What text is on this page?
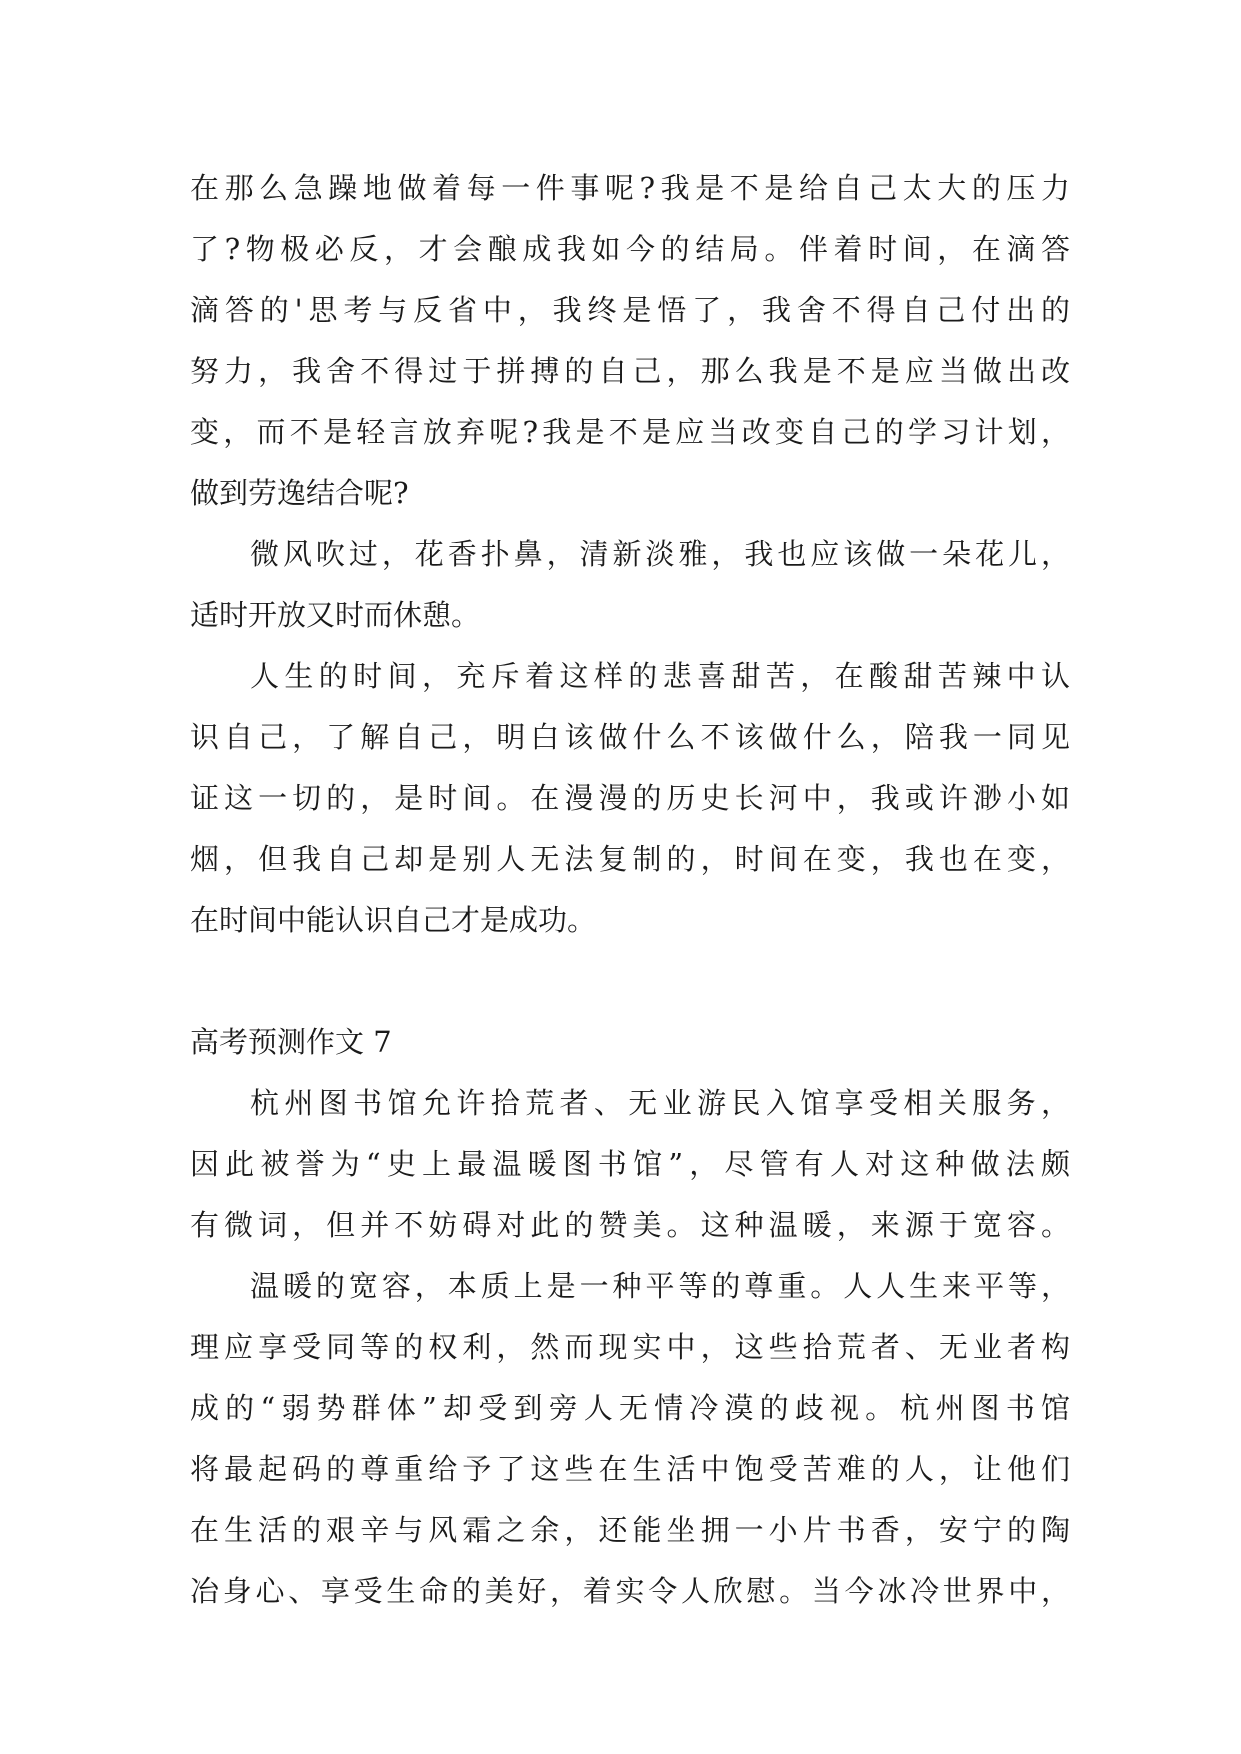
在那么急躁地做着每一件事呢?我是不是给自己太大的压力
了?物极必反，才会酿成我如今的结局。伴着时间，在滴答
滴答的'思考与反省中，我终是悟了，我舍不得自己付出的
努力，我舍不得过于拼搏的自己，那么我是不是应当做出改
变，而不是轻言放弃呢?我是不是应当改变自己的学习计划，
做到劳逸结合呢?
微风吹过，花香扑鼻，清新淡雅，我也应该做一朵花儿，
适时开放又时而休憩。
人生的时间，充斥着这样的悲喜甜苦，在酸甜苦辣中认
识自己，了解自己，明白该做什么不该做什么，陪我一同见
证这一切的，是时间。在漫漫的历史长河中，我或许渺小如
烟，但我自己却是别人无法复制的，时间在变，我也在变，
在时间中能认识自己才是成功。
高考预测作文 7
杭州图书馆允许拾荒者、无业游民入馆享受相关服务，
因此被誉为“史上最温暖图书馆”，尽管有人对这种做法颇
有微词，但并不妨碍对此的赞美。这种温暖，来源于宽容。
温暖的宽容，本质上是一种平等的尊重。人人生来平等，
理应享受同等的权利，然而现实中，这些拾荒者、无业者构
成的“弱势群体”却受到旁人无情冷漠的歧视。杭州图书馆
将最起码的尊重给予了这些在生活中饱受苦难的人，让他们
在生活的艰辛与风霜之余，还能坐拥一小片书香，安宁的陶
冶身心、享受生命的美好，着实令人欣慰。当今冰冷世界中，
